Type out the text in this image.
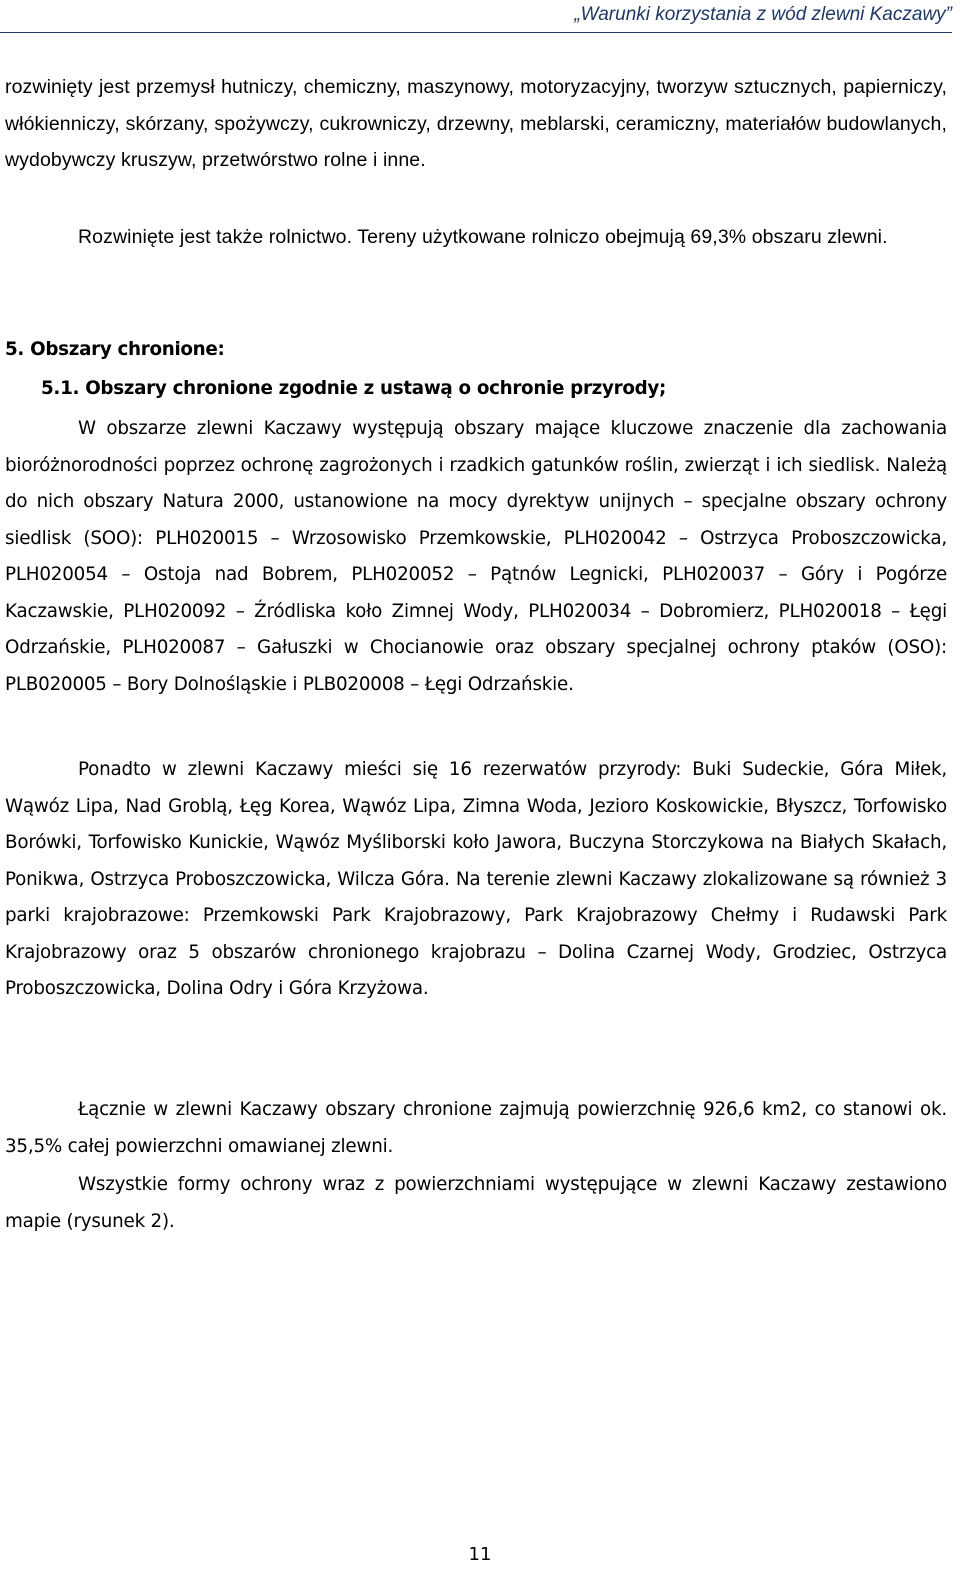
„Warunki korzystania z wód zlewni Kaczawy”

rozwinięty jest przemysł hutniczy, chemiczny, maszynowy, motoryzacyjny, tworzyw sztucznych, papierniczy, włókienniczy, skórzany, spożywczy, cukrowniczy, drzewny, meblarski, ceramiczny, materiałów budowlanych, wydobywczy kruszyw, przetwórstwo rolne i inne.

Rozwinięte jest także rolnictwo. Tereny użytkowane rolniczo obejmują 69,3% obszaru zlewni.

5. Obszary chronione:

5.1. Obszary chronione zgodnie z ustawą o ochronie przyrody;

W obszarze zlewni Kaczawy występują obszary mające kluczowe znaczenie dla zachowania bioróżnorodności poprzez ochronę zagrożonych i rzadkich gatunków roślin, zwierząt i ich siedlisk. Należą do nich obszary Natura 2000, ustanowione na mocy dyrektyw unijnych – specjalne obszary ochrony siedlisk (SOO): PLH020015 – Wrzosowisko Przemkowskie, PLH020042 – Ostrzyca Proboszczowicka, PLH020054 – Ostoja nad Bobrem, PLH020052 – Pątnów Legnicki, PLH020037 – Góry i Pogórze Kaczawskie, PLH020092 – Źródliska koło Zimnej Wody, PLH020034 – Dobromierz, PLH020018 – Łęgi Odrzańskie, PLH020087 – Gałuszki w Chocianowie oraz obszary specjalnej ochrony ptaków (OSO): PLB020005 – Bory Dolnośląskie i PLB020008 – Łęgi Odrzańskie.

Ponadto w zlewni Kaczawy mieści się 16 rezerwatów przyrody: Buki Sudeckie, Góra Miłek, Wąwóz Lipa, Nad Groblą, Łęg Korea, Wąwóz Lipa, Zimna Woda, Jezioro Koskowickie, Błyszcz, Torfowisko Borówki, Torfowisko Kunickie, Wąwóz Myśliborski koło Jawora, Buczyna Storczykowa na Białych Skałach, Ponikwa, Ostrzyca Proboszczowicka, Wilcza Góra. Na terenie zlewni Kaczawy zlokalizowane są również 3 parki krajobrazowe: Przemkowski Park Krajobrazowy, Park Krajobrazowy Chełmy i Rudawski Park Krajobrazowy oraz 5 obszarów chronionego krajobrazu – Dolina Czarnej Wody, Grodziec, Ostrzyca Proboszczowicka, Dolina Odry i Góra Krzyżowa.

Łącznie w zlewni Kaczawy obszary chronione zajmują powierzchnię 926,6 km2, co stanowi ok. 35,5% całej powierzchni omawianej zlewni.

Wszystkie formy ochrony wraz z powierzchniami występujące w zlewni Kaczawy zestawiono mapie (rysunek 2).

11
